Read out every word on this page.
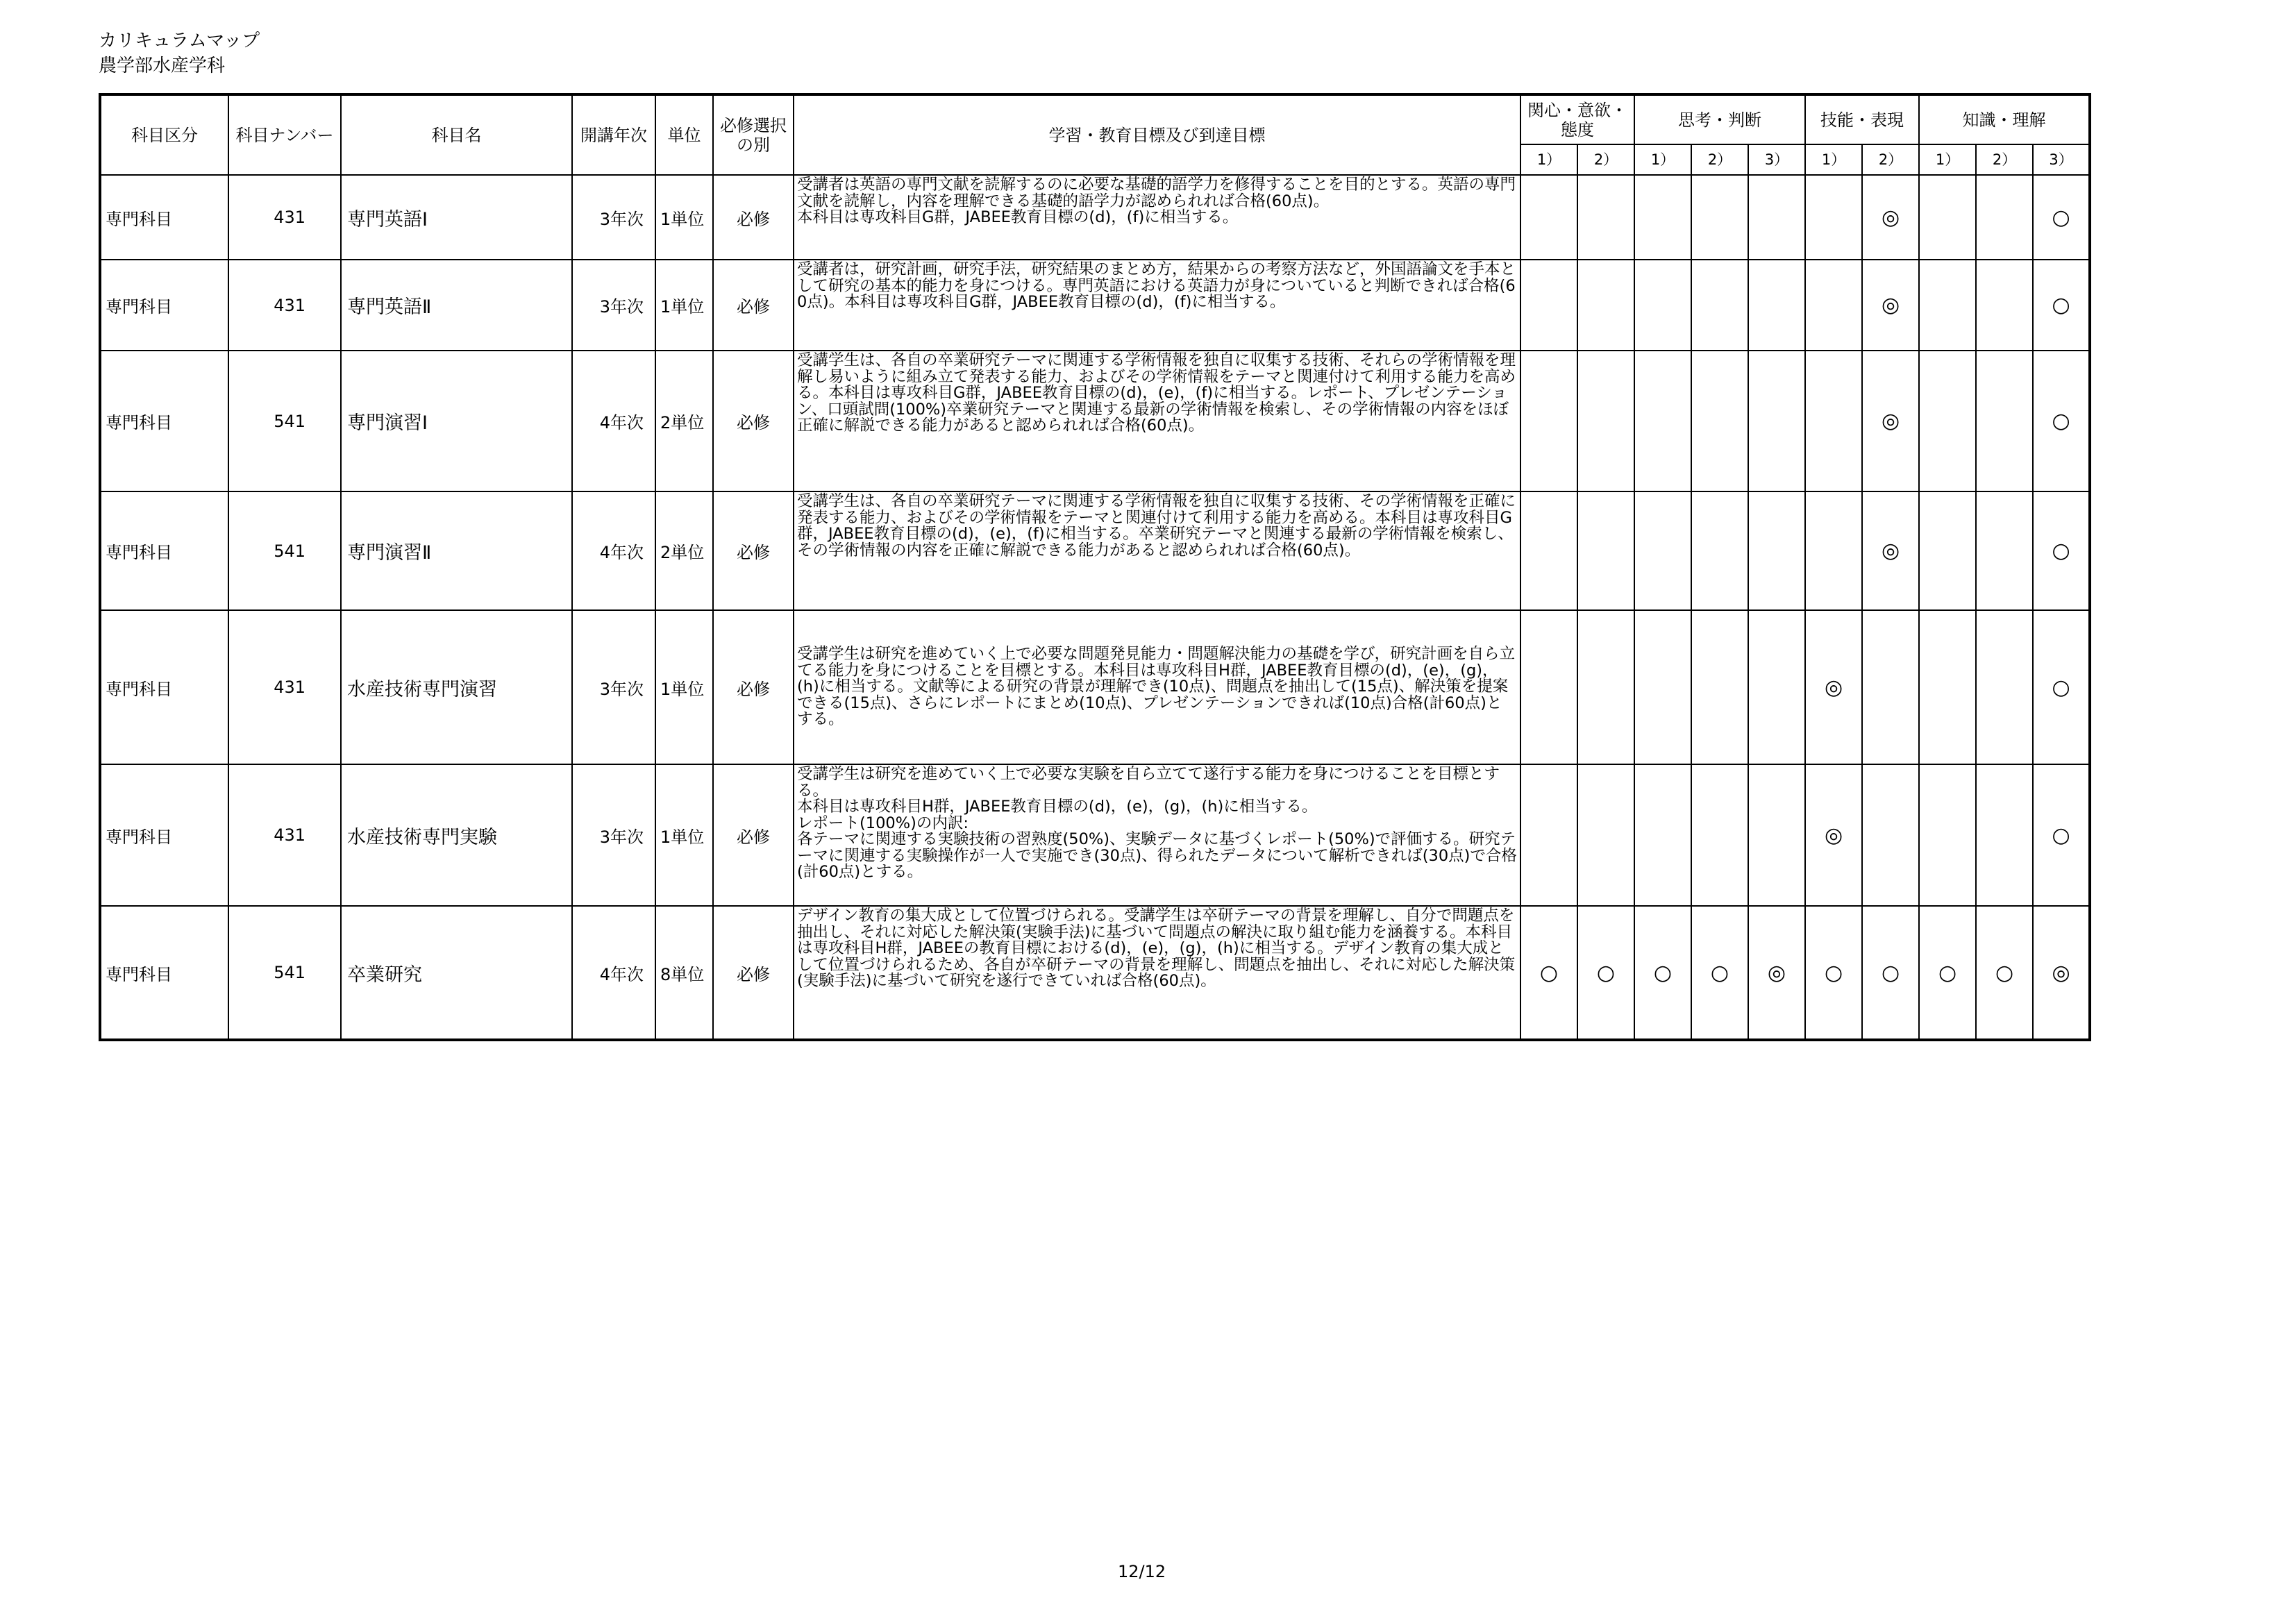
カリキュラムマップ
農学部水産学科
科目区分	科目ナンバー	科目名	開講年次	単位	必修選択の別	学習・教育目標及び到達目標	関心・意欲・態度		思考・判断			技能・表現		知識・理解		
							1）	2）	1）	2）	3）	1）	2）	1）	2）	3）
専門科目	431	専門英語Ⅰ	3年次	1単位	必修	受講者は英語の専門文献を読解するのに必要な基礎的語学力を修得することを目的とする。英語の専門文献を読解し，内容を理解できる基礎的語学力が認められれば合格(60点)。
本科目は専攻科目G群，JABEE教育目標の(d)，(f)に相当する。							◎			○
専門科目	431	専門英語Ⅱ	3年次	1単位	必修	受講者は，研究計画，研究手法，研究結果のまとめ方，結果からの考察方法など，外国語論文を手本として研究の基本的能力を身につける。専門英語における英語力が身についていると判断できれば合格(60点)。本科目は専攻科目G群，JABEE教育目標の(d)，(f)に相当する。							◎			○
専門科目	541	専門演習Ⅰ	4年次	2単位	必修	受講学生は、各自の卒業研究テーマに関連する学術情報を独自に収集する技術、それらの学術情報を理解し易いように組み立て発表する能力、およびその学術情報をテーマと関連付けて利用する能力を高める。本科目は専攻科目G群，JABEE教育目標の(d)，(e)，(f)に相当する。レポート、プレゼンテーション、口頭試問(100%)卒業研究テーマと関連する最新の学術情報を検索し、その学術情報の内容をほぼ正確に解説できる能力があると認められれば合格(60点)。							◎			○
専門科目	541	専門演習Ⅱ	4年次	2単位	必修	受講学生は、各自の卒業研究テーマに関連する学術情報を独自に収集する技術、その学術情報を正確に発表する能力、およびその学術情報をテーマと関連付けて利用する能力を高める。本科目は専攻科目G群，JABEE教育目標の(d)，(e)，(f)に相当する。卒業研究テーマと関連する最新の学術情報を検索し、その学術情報の内容を正確に解説できる能力があると認められれば合格(60点)。							◎			○
専門科目	431	水産技術専門演習	3年次	1単位	必修	受講学生は研究を進めていく上で必要な問題発見能力・問題解決能力の基礎を学び，研究計画を自ら立てる能力を身につけることを目標とする。本科目は専攻科目H群，JABEE教育目標の(d)，(e)，(g)，(h)に相当する。文献等による研究の背景が理解でき(10点)、問題点を抽出して(15点)、解決策を提案できる(15点)、さらにレポートにまとめ(10点)、プレゼンテーションできれば(10点)合格(計60点)とする。						◎				○
専門科目	431	水産技術専門実験	3年次	1単位	必修	受講学生は研究を進めていく上で必要な実験を自ら立てて遂行する能力を身につけることを目標とする。
本科目は専攻科目H群，JABEE教育目標の(d)，(e)，(g)，(h)に相当する。
レポート(100%)の内訳:
各テーマに関連する実験技術の習熟度(50%)、実験データに基づくレポート(50%)で評価する。研究テーマに関連する実験操作が一人で実施でき(30点)、得られたデータについて解析できれば(30点)で合格(計60点)とする。						◎				○
専門科目	541	卒業研究	4年次	8単位	必修	デザイン教育の集大成として位置づけられる。受講学生は卒研テーマの背景を理解し、自分で問題点を抽出し、それに対応した解決策(実験手法)に基づいて問題点の解決に取り組む能力を涵養する。本科目は専攻科目H群，JABEEの教育目標における(d)，(e)，(g)，(h)に相当する。デザイン教育の集大成として位置づけられるため、各自が卒研テーマの背景を理解し、問題点を抽出し、それに対応した解決策(実験手法)に基づいて研究を遂行できていれば合格(60点)。	○	○	○	○	◎	○	○	○	○	◎
12/12
